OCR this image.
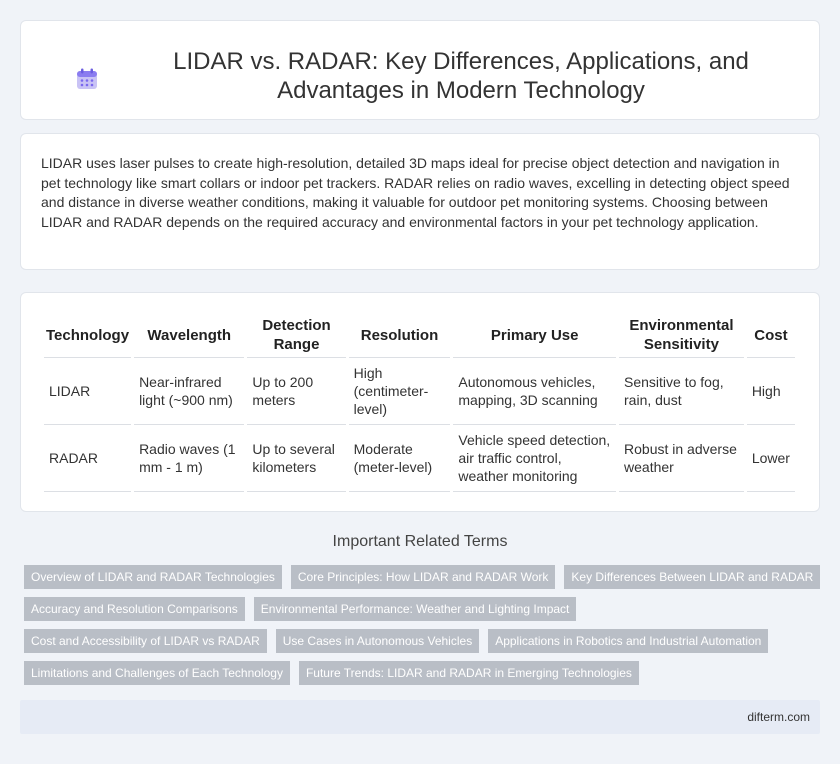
LIDAR vs. RADAR: Key Differences, Applications, and Advantages in Modern Technology

LIDAR uses laser pulses to create high-resolution, detailed 3D maps ideal for precise object detection and navigation in pet technology like smart collars or indoor pet trackers. RADAR relies on radio waves, excelling in detecting object speed and distance in diverse weather conditions, making it valuable for outdoor pet monitoring systems. Choosing between LIDAR and RADAR depends on the required accuracy and environmental factors in your pet technology application.

Technology	Wavelength	Detection Range	Resolution	Primary Use	Environmental Sensitivity	Cost
LIDAR	Near-infrared light (~900 nm)	Up to 200 meters	High (centimeter-level)	Autonomous vehicles, mapping, 3D scanning	Sensitive to fog, rain, dust	High
RADAR	Radio waves (1 mm - 1 m)	Up to several kilometers	Moderate (meter-level)	Vehicle speed detection, air traffic control, weather monitoring	Robust in adverse weather	Lower
Important Related Terms
Overview of LIDAR and RADAR Technologies	Core Principles: How LIDAR and RADAR Work	Key Differences Between LIDAR and RADAR
Accuracy and Resolution Comparisons	Environmental Performance: Weather and Lighting Impact
Cost and Accessibility of LIDAR vs RADAR	Use Cases in Autonomous Vehicles	Applications in Robotics and Industrial Automation
Limitations and Challenges of Each Technology	Future Trends: LIDAR and RADAR in Emerging Technologies
difterm.com
